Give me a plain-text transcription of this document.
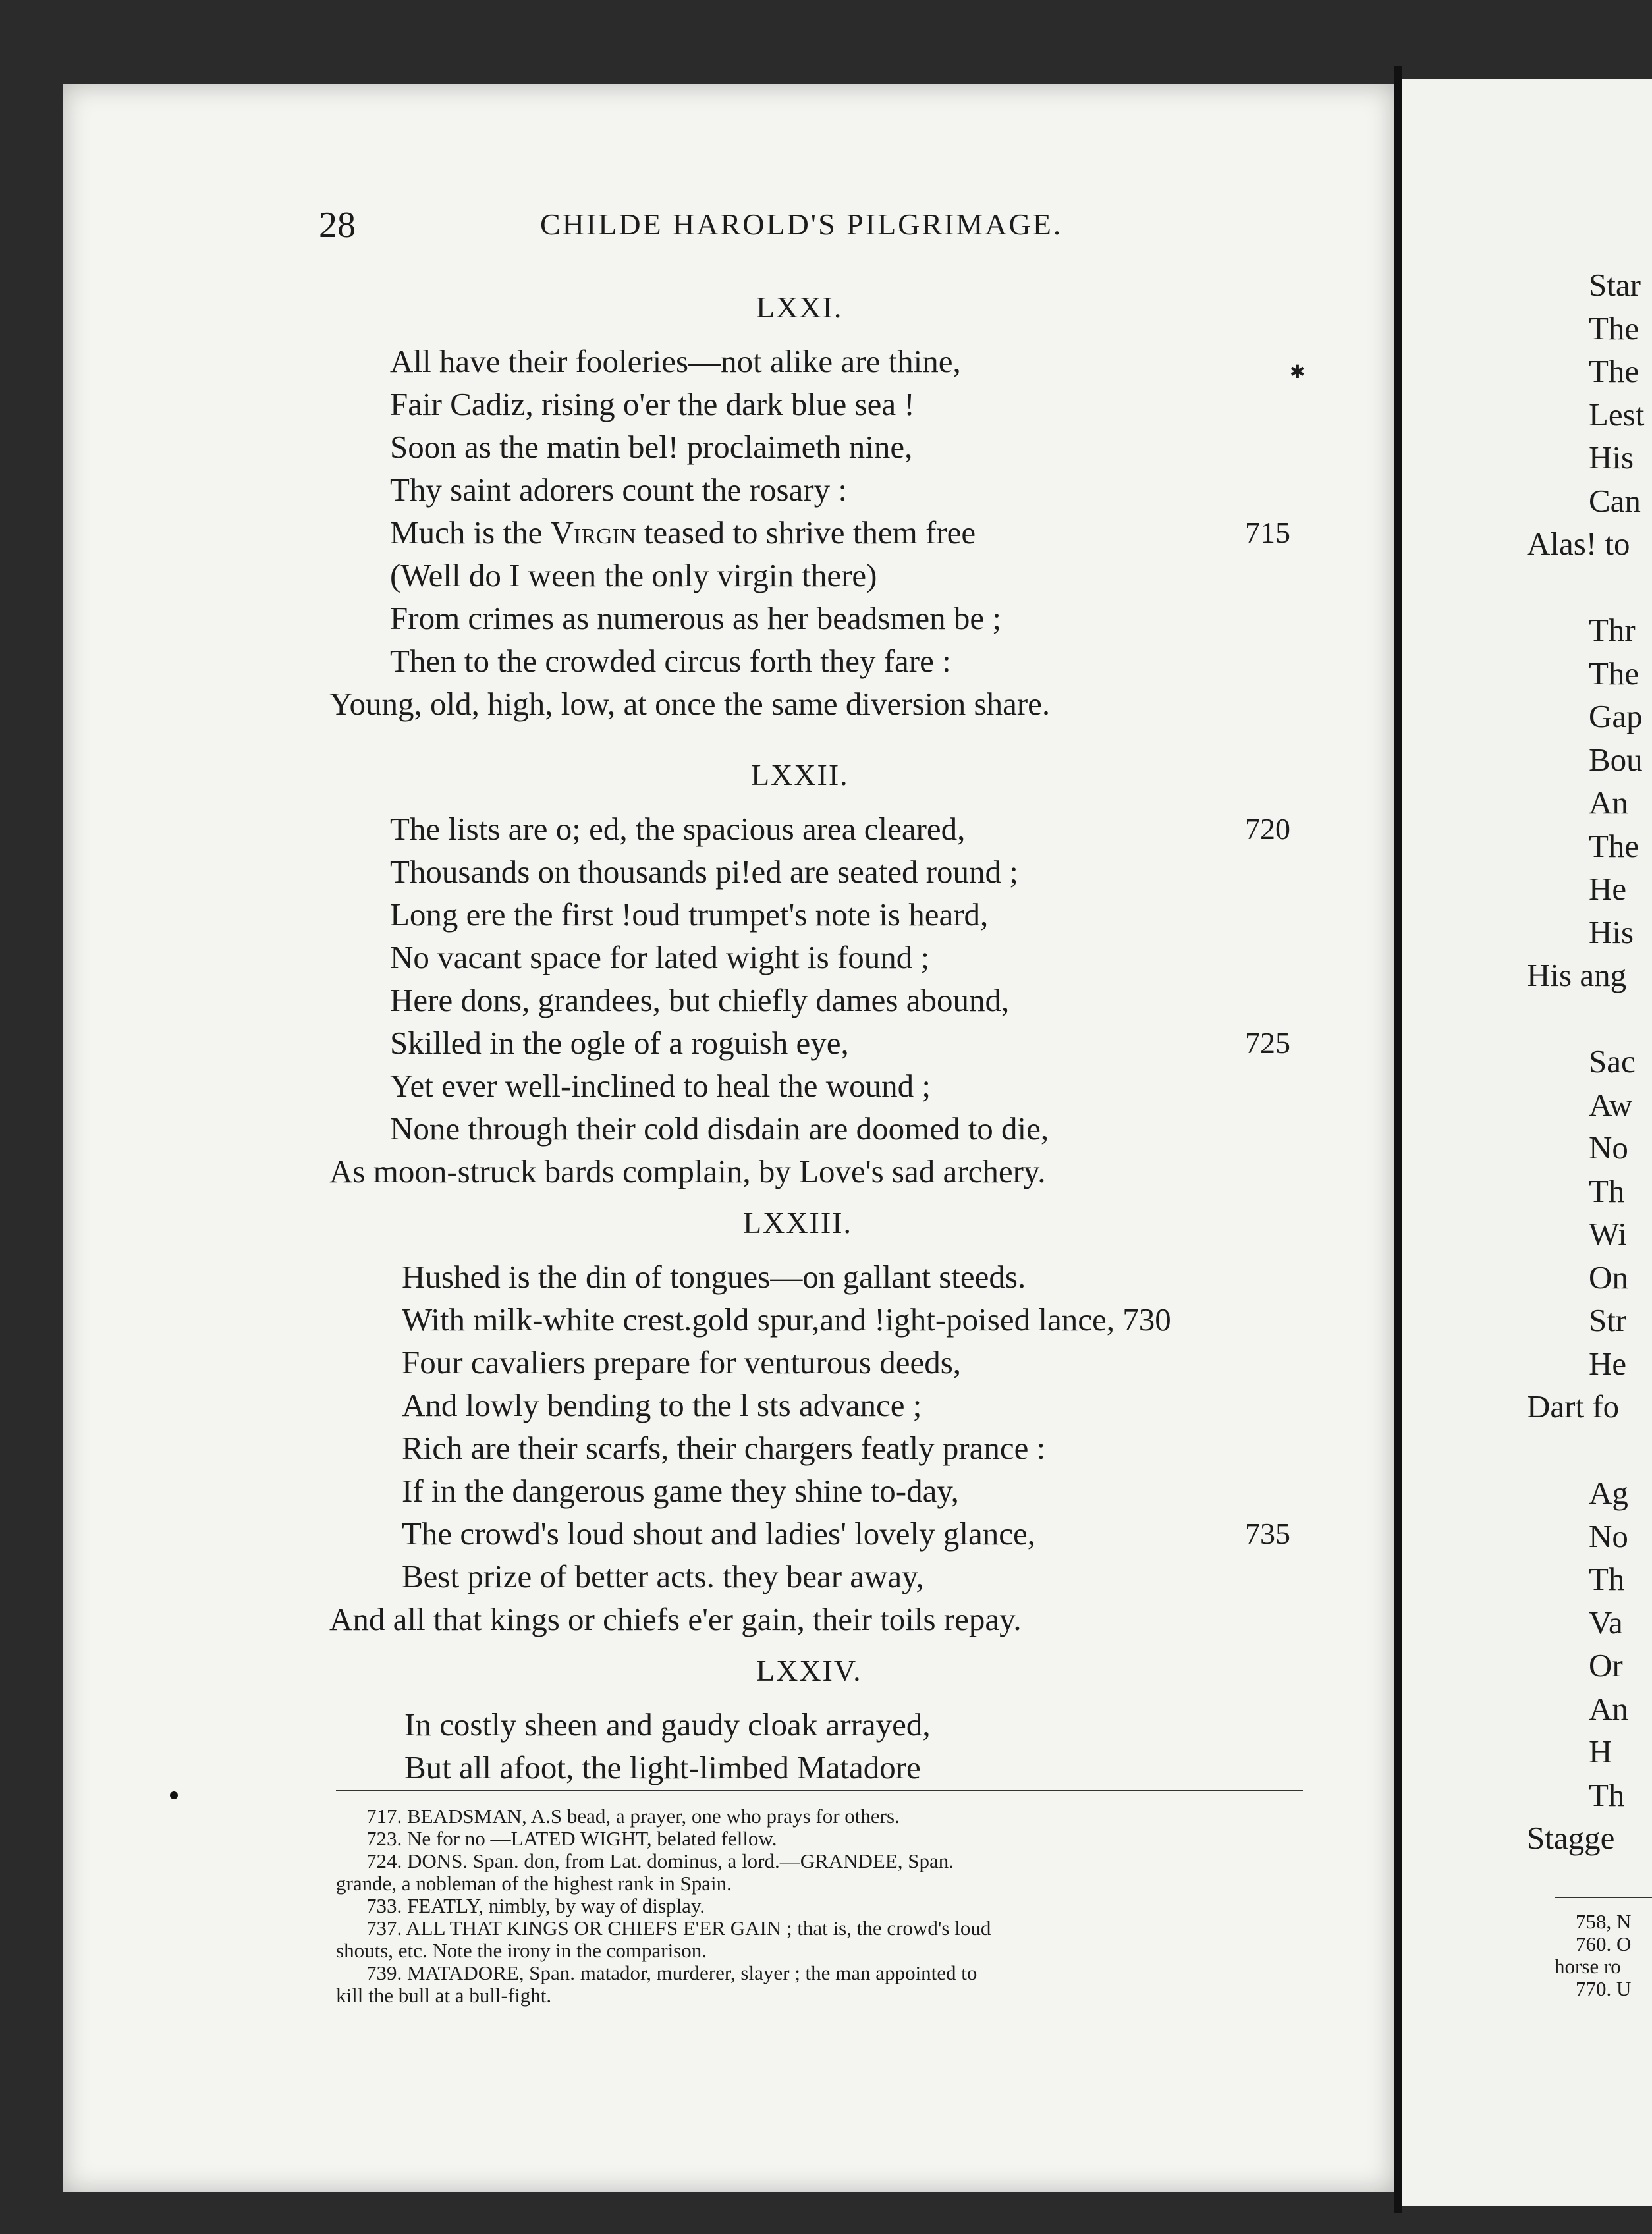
28	CHILDE HAROLD'S PILGRIMAGE.
✱
LXXI.
All have their fooleries—not alike are thine,
Fair Cadiz, rising o'er the dark blue sea !
Soon as the matin bel! proclaimeth nine,
Thy saint adorers count the rosary :
Much is the Virgin teased to shrive them free	715
(Well do I ween the only virgin there)
From crimes as numerous as her beadsmen be ;
Then to the crowded circus forth they fare :
Young, old, high, low, at once the same diversion share.
LXXII.
The lists are o; ed, the spacious area cleared,	720
Thousands on thousands pi!ed are seated round ;
Long ere the first !oud trumpet's note is heard,
No vacant space for lated wight is found ;
Here dons, grandees, but chiefly dames abound,
Skilled in the ogle of a roguish eye,	725
Yet ever well-inclined to heal the wound ;
None through their cold disdain are doomed to die,
As moon-struck bards complain, by Love's sad archery.
LXXIII.
Hushed is the din of tongues—on gallant steeds.
With milk-white crest.gold spur,and !ight-poised lance, 730
Four cavaliers prepare for venturous deeds,
And lowly bending to the l sts advance ;
Rich are their scarfs, their chargers featly prance :
If in the dangerous game they shine to-day,
The crowd's loud shout and ladies' lovely glance,	735
Best prize of better acts. they bear away,
And all that kings or chiefs e'er gain, their toils repay.
LXXIV.
In costly sheen and gaudy cloak arrayed,
But all afoot, the light-limbed Matadore
717. BEADSMAN, A.S bead, a prayer, one who prays for others.
723. Ne for no —LATED WIGHT, belated fellow.
724. DONS. Span. don, from Lat. dominus, a lord.—GRANDEE, Span.
grande, a nobleman of the highest rank in Spain.
733. FEATLY, nimbly, by way of display.
737. ALL THAT KINGS OR CHIEFS E'ER GAIN ; that is, the crowd's loud
shouts, etc. Note the irony in the comparison.
739. MATADORE, Span. matador, murderer, slayer ; the man appointed to
kill the bull at a bull-fight.
Star
The
The
Lest
His
Can
Alas! to
Thr
The
Gap
Bou
An
The
He
His
His ang
Sac
Aw
No
Th
Wi
On
Str
He
Dart fo
Ag
No
Th
Va
Or
An
H
Th
Stagge
758, N
760. O
horse ro
770. U
